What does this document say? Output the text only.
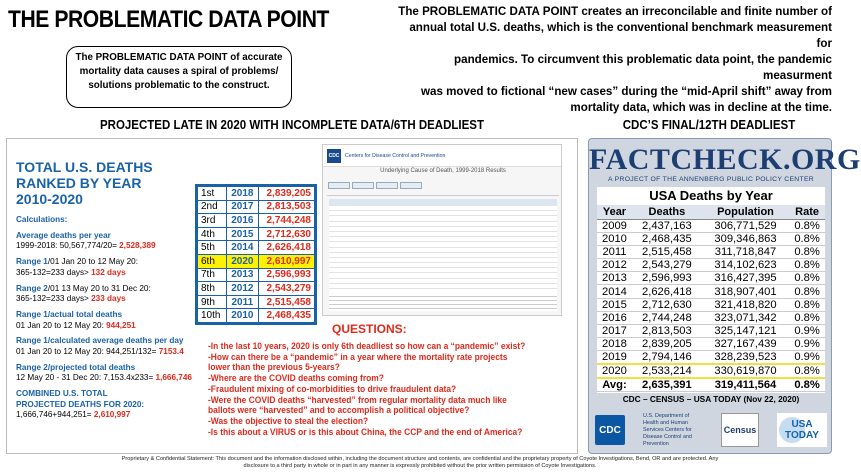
THE PROBLEMATIC DATA POINT	The PROBLEMATIC DATA POINT creates an irreconcilable and finite number of
annual total U.S. deaths, which is the conventional benchmark measurement for
pandemics. To circumvent this problematic data point, the pandemic measurment
was moved to fictional “new cases” during the “mid-April shift” away from
mortality data, which was in decline at the time.
The PROBLEMATIC DATA POINT of accurate
mortality data causes a spiral of problems/
solutions problematic to the construct.
PROJECTED LATE IN 2020 WITH INCOMPLETE DATA/6TH DEADLIEST	CDC’S FINAL/12TH DEADLIEST
TOTAL U.S. DEATHS RANKED BY YEAR
2010-2020
Calculations:
Average deaths per year
1999-2018: 50,567,774/20= 2,528,389
Range 1/01 Jan 20 to 12 May 20:
365-132=233 days> 132 days
Range 2/01 13 May 20 to 31 Dec 20:
365-132=233 days> 233 days
Range 1/actual total deaths
01 Jan 20 to 12 May 20: 944,251
Range 1/calculated average deaths per day
01 Jan 20 to 12 May 20: 944,251/132= 7153.4
Range 2/projected total deaths
12 May 20 - 31 Dec 20: 7,153.4x233= 1,666,746
COMBINED U.S. TOTAL
PROJECTED DEATHS FOR 2020:
1,666,746+944,251= 2,610,997
1st	2018	2,839,205
2nd	2017	2,813,503
3rd	2016	2,744,248
4th	2015	2,712,630
5th	2014	2,626,418
6th	2020	2,610,997
7th	2013	2,596,993
8th	2012	2,543,279
9th	2011	2,515,458
10th	2010	2,468,435
CDC	Centers for Disease Control and Prevention
Underlying Cause of Death, 1999-2018 Results
QUESTIONS:
-In the last 10 years, 2020 is only 6th deadliest so how can a “pandemic” exist?
-How can there be a “pandemic” in a year where the mortality rate projects
lower than the previous 5-years?
-Where are the COVID deaths coming from?
-Fraudulent mixing of co-morbidities to drive fraudulent data?
-Were the COVID deaths “harvested” from regular mortality data much like
ballots were “harvested” and to accomplish a political objective?
-Was the objective to steal the election?
-Is this about a VIRUS or is this about China, the CCP and the end of America?
FACTCHECK.ORG
A PROJECT OF THE ANNENBERG PUBLIC POLICY CENTER
USA Deaths by Year
Year	Deaths	Population	Rate
2009	2,437,163	306,771,529	0.8%
2010	2,468,435	309,346,863	0.8%
2011	2,515,458	311,718,847	0.8%
2012	2,543,279	314,102,623	0.8%
2013	2,596,993	316,427,395	0.8%
2014	2,626,418	318,907,401	0.8%
2015	2,712,630	321,418,820	0.8%
2016	2,744,248	323,071,342	0.8%
2017	2,813,503	325,147,121	0.9%
2018	2,839,205	327,167,439	0.9%
2019	2,794,146	328,239,523	0.9%
2020	2,533,214	330,619,870	0.8%
Avg:	2,635,391	319,411,564	0.8%
CDC – CENSUS – USA TODAY (Nov 22, 2020)
CDC
U.S. Department of Health and Human Services Centers for Disease Control and Prevention
Census	USA TODAY
Proprietary & Confidential Statement: This document and the information disclosed within, including the document structure and contents, are confidential and the proprietary property of Coyote Investigations, Bend, OR and are protected. Any disclosure to a third party in whole or in part in any manner is expressly prohibited without the prior written permission of Coyote Investigations.
